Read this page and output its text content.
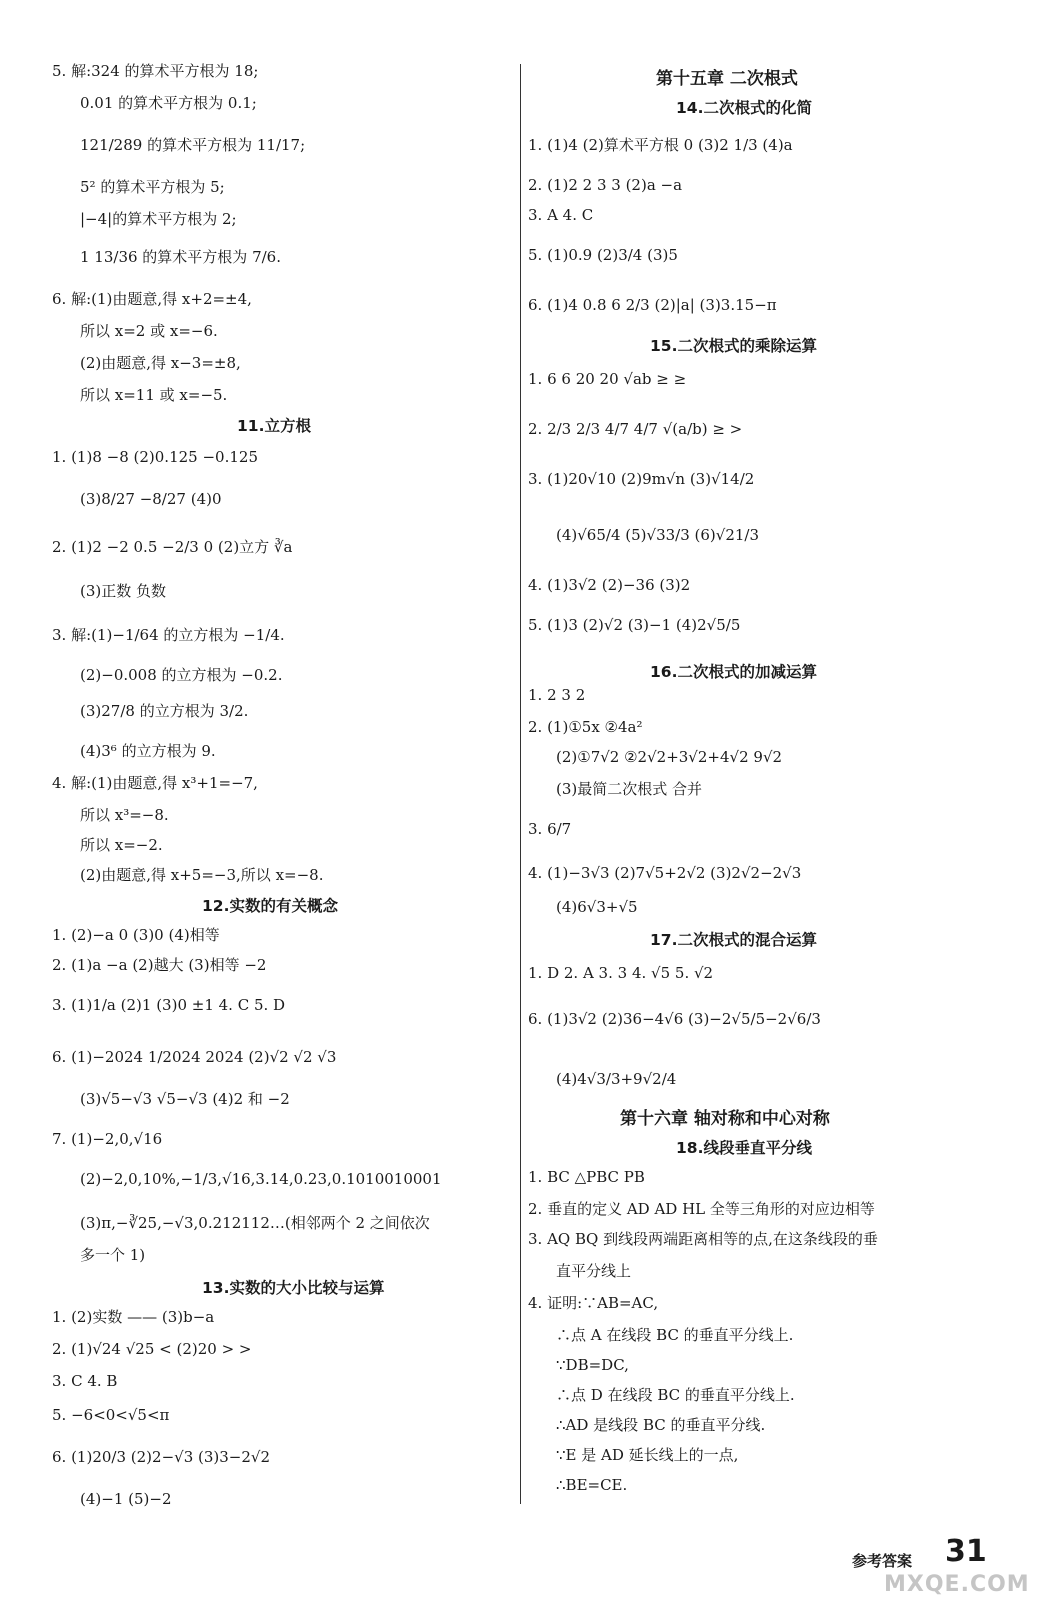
5. 解:324 的算术平方根为 18;
0.01 的算术平方根为 0.1;
121/289 的算术平方根为 11/17;
5² 的算术平方根为 5;
|−4|的算术平方根为 2;
1 13/36 的算术平方根为 7/6.
6. 解:(1)由题意,得 x+2=±4,
所以 x=2 或 x=−6.
(2)由题意,得 x−3=±8,
所以 x=11 或 x=−5.
11.立方根
1. (1)8 −8 (2)0.125 −0.125
(3)8/27 −8/27 (4)0
2. (1)2 −2 0.5 −2/3 0 (2)立方 ∛a
(3)正数 负数
3. 解:(1)−1/64 的立方根为 −1/4.
(2)−0.008 的立方根为 −0.2.
(3)27/8 的立方根为 3/2.
(4)3⁶ 的立方根为 9.
4. 解:(1)由题意,得 x³+1=−7,
所以 x³=−8.
所以 x=−2.
(2)由题意,得 x+5=−3,所以 x=−8.
12.实数的有关概念
1. (2)−a 0 (3)0 (4)相等
2. (1)a −a (2)越大 (3)相等 −2
3. (1)1/a (2)1 (3)0 ±1 4. C 5. D
6. (1)−2024 1/2024 2024 (2)√2 √2 √3
(3)√5−√3 √5−√3 (4)2 和 −2
7. (1)−2,0,√16
(2)−2,0,10%,−1/3,√16,3.14,0.23,0.1010010001
(3)π,−∛25,−√3,0.212112…(相邻两个 2 之间依次
多一个 1)
13.实数的大小比较与运算
1. (2)实数 —— (3)b−a
2. (1)√24 √25 < (2)20 > >
3. C 4. B
5. −6<0<√5<π
6. (1)20/3 (2)2−√3 (3)3−2√2
(4)−1 (5)−2
第十五章 二次根式
14.二次根式的化简
1. (1)4 (2)算术平方根 0 (3)2 1/3 (4)a
2. (1)2 2 3 3 (2)a −a
3. A 4. C
5. (1)0.9 (2)3/4 (3)5
6. (1)4 0.8 6 2/3 (2)|a| (3)3.15−π
15.二次根式的乘除运算
1. 6 6 20 20 √ab ≥ ≥
2. 2/3 2/3 4/7 4/7 √(a/b) ≥ >
3. (1)20√10 (2)9m√n (3)√14/2
(4)√65/4 (5)√33/3 (6)√21/3
4. (1)3√2 (2)−36 (3)2
5. (1)3 (2)√2 (3)−1 (4)2√5/5
16.二次根式的加减运算
1. 2 3 2
2. (1)①5x ②4a²
(2)①7√2 ②2√2+3√2+4√2 9√2
(3)最简二次根式 合并
3. 6/7
4. (1)−3√3 (2)7√5+2√2 (3)2√2−2√3
(4)6√3+√5
17.二次根式的混合运算
1. D 2. A 3. 3 4. √5 5. √2
6. (1)3√2 (2)36−4√6 (3)−2√5/5−2√6/3
(4)4√3/3+9√2/4
第十六章 轴对称和中心对称
18.线段垂直平分线
1. BC △PBC PB
2. 垂直的定义 AD AD HL 全等三角形的对应边相等
3. AQ BQ 到线段两端距离相等的点,在这条线段的垂
直平分线上
4. 证明:∵AB=AC,
∴点 A 在线段 BC 的垂直平分线上.
∵DB=DC,
∴点 D 在线段 BC 的垂直平分线上.
∴AD 是线段 BC 的垂直平分线.
∵E 是 AD 延长线上的一点,
∴BE=CE.
参考答案 31
MXQE.COM
